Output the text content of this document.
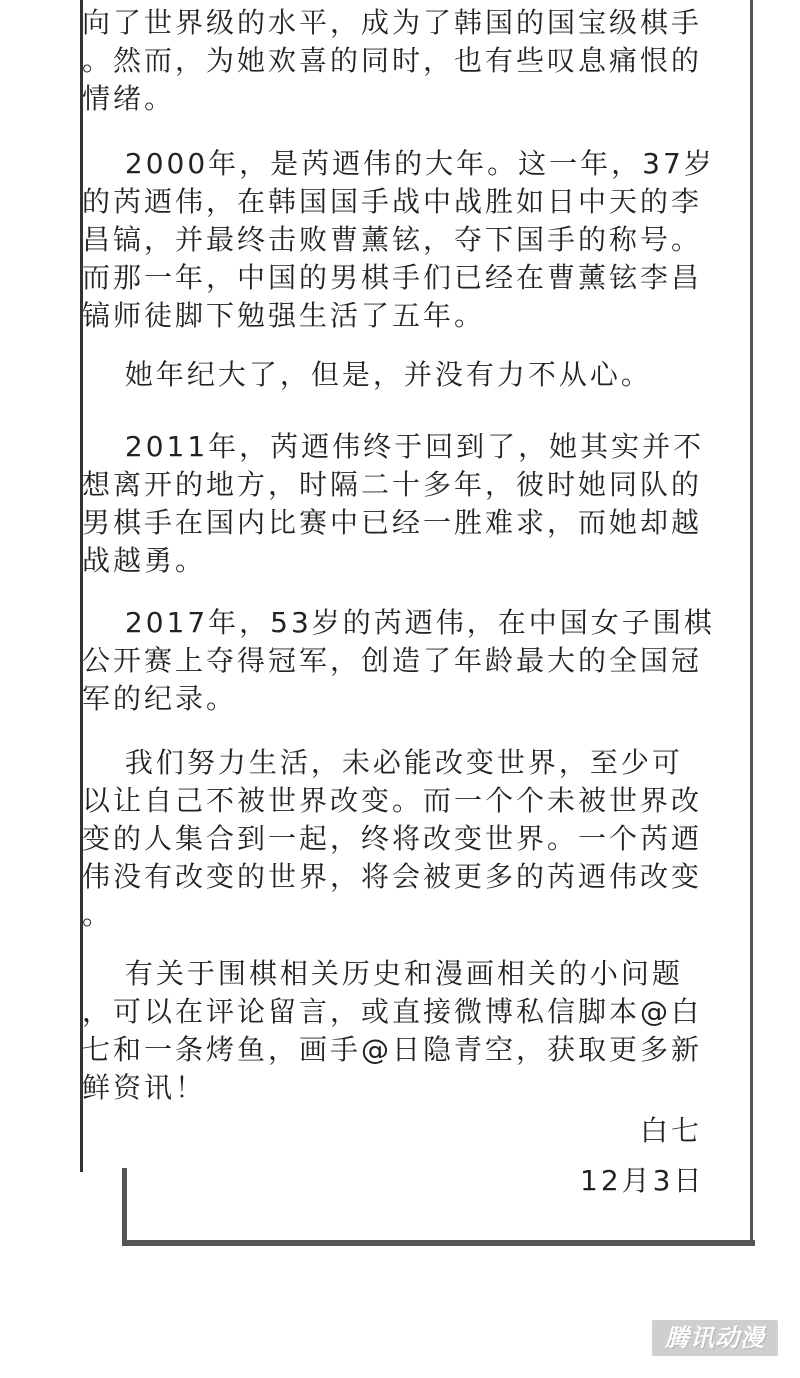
向了世界级的水平，成为了韩国的国宝级棋手
。然而，为她欢喜的同时，也有些叹息痛恨的
情绪。

　 2000年，是芮迺伟的大年。这一年，37岁
的芮迺伟，在韩国国手战中战胜如日中天的李
昌镐，并最终击败曹薰铉，夺下国手的称号。
而那一年，中国的男棋手们已经在曹薰铉李昌
镐师徒脚下勉强生活了五年。

　 她年纪大了，但是，并没有力不从心。

　 2011年，芮迺伟终于回到了，她其实并不
想离开的地方，时隔二十多年，彼时她同队的
男棋手在国内比赛中已经一胜难求，而她却越
战越勇。

　 2017年，53岁的芮迺伟，在中国女子围棋
公开赛上夺得冠军，创造了年龄最大的全国冠
军的纪录。

　 我们努力生活，未必能改变世界，至少可
以让自己不被世界改变。而一个个未被世界改
变的人集合到一起，终将改变世界。一个芮迺
伟没有改变的世界，将会被更多的芮迺伟改变
。

　 有关于围棋相关历史和漫画相关的小问题
，可以在评论留言，或直接微博私信脚本@白
七和一条烤鱼，画手@日隐青空，获取更多新
鲜资讯！

白七
12月3日
腾讯动漫
